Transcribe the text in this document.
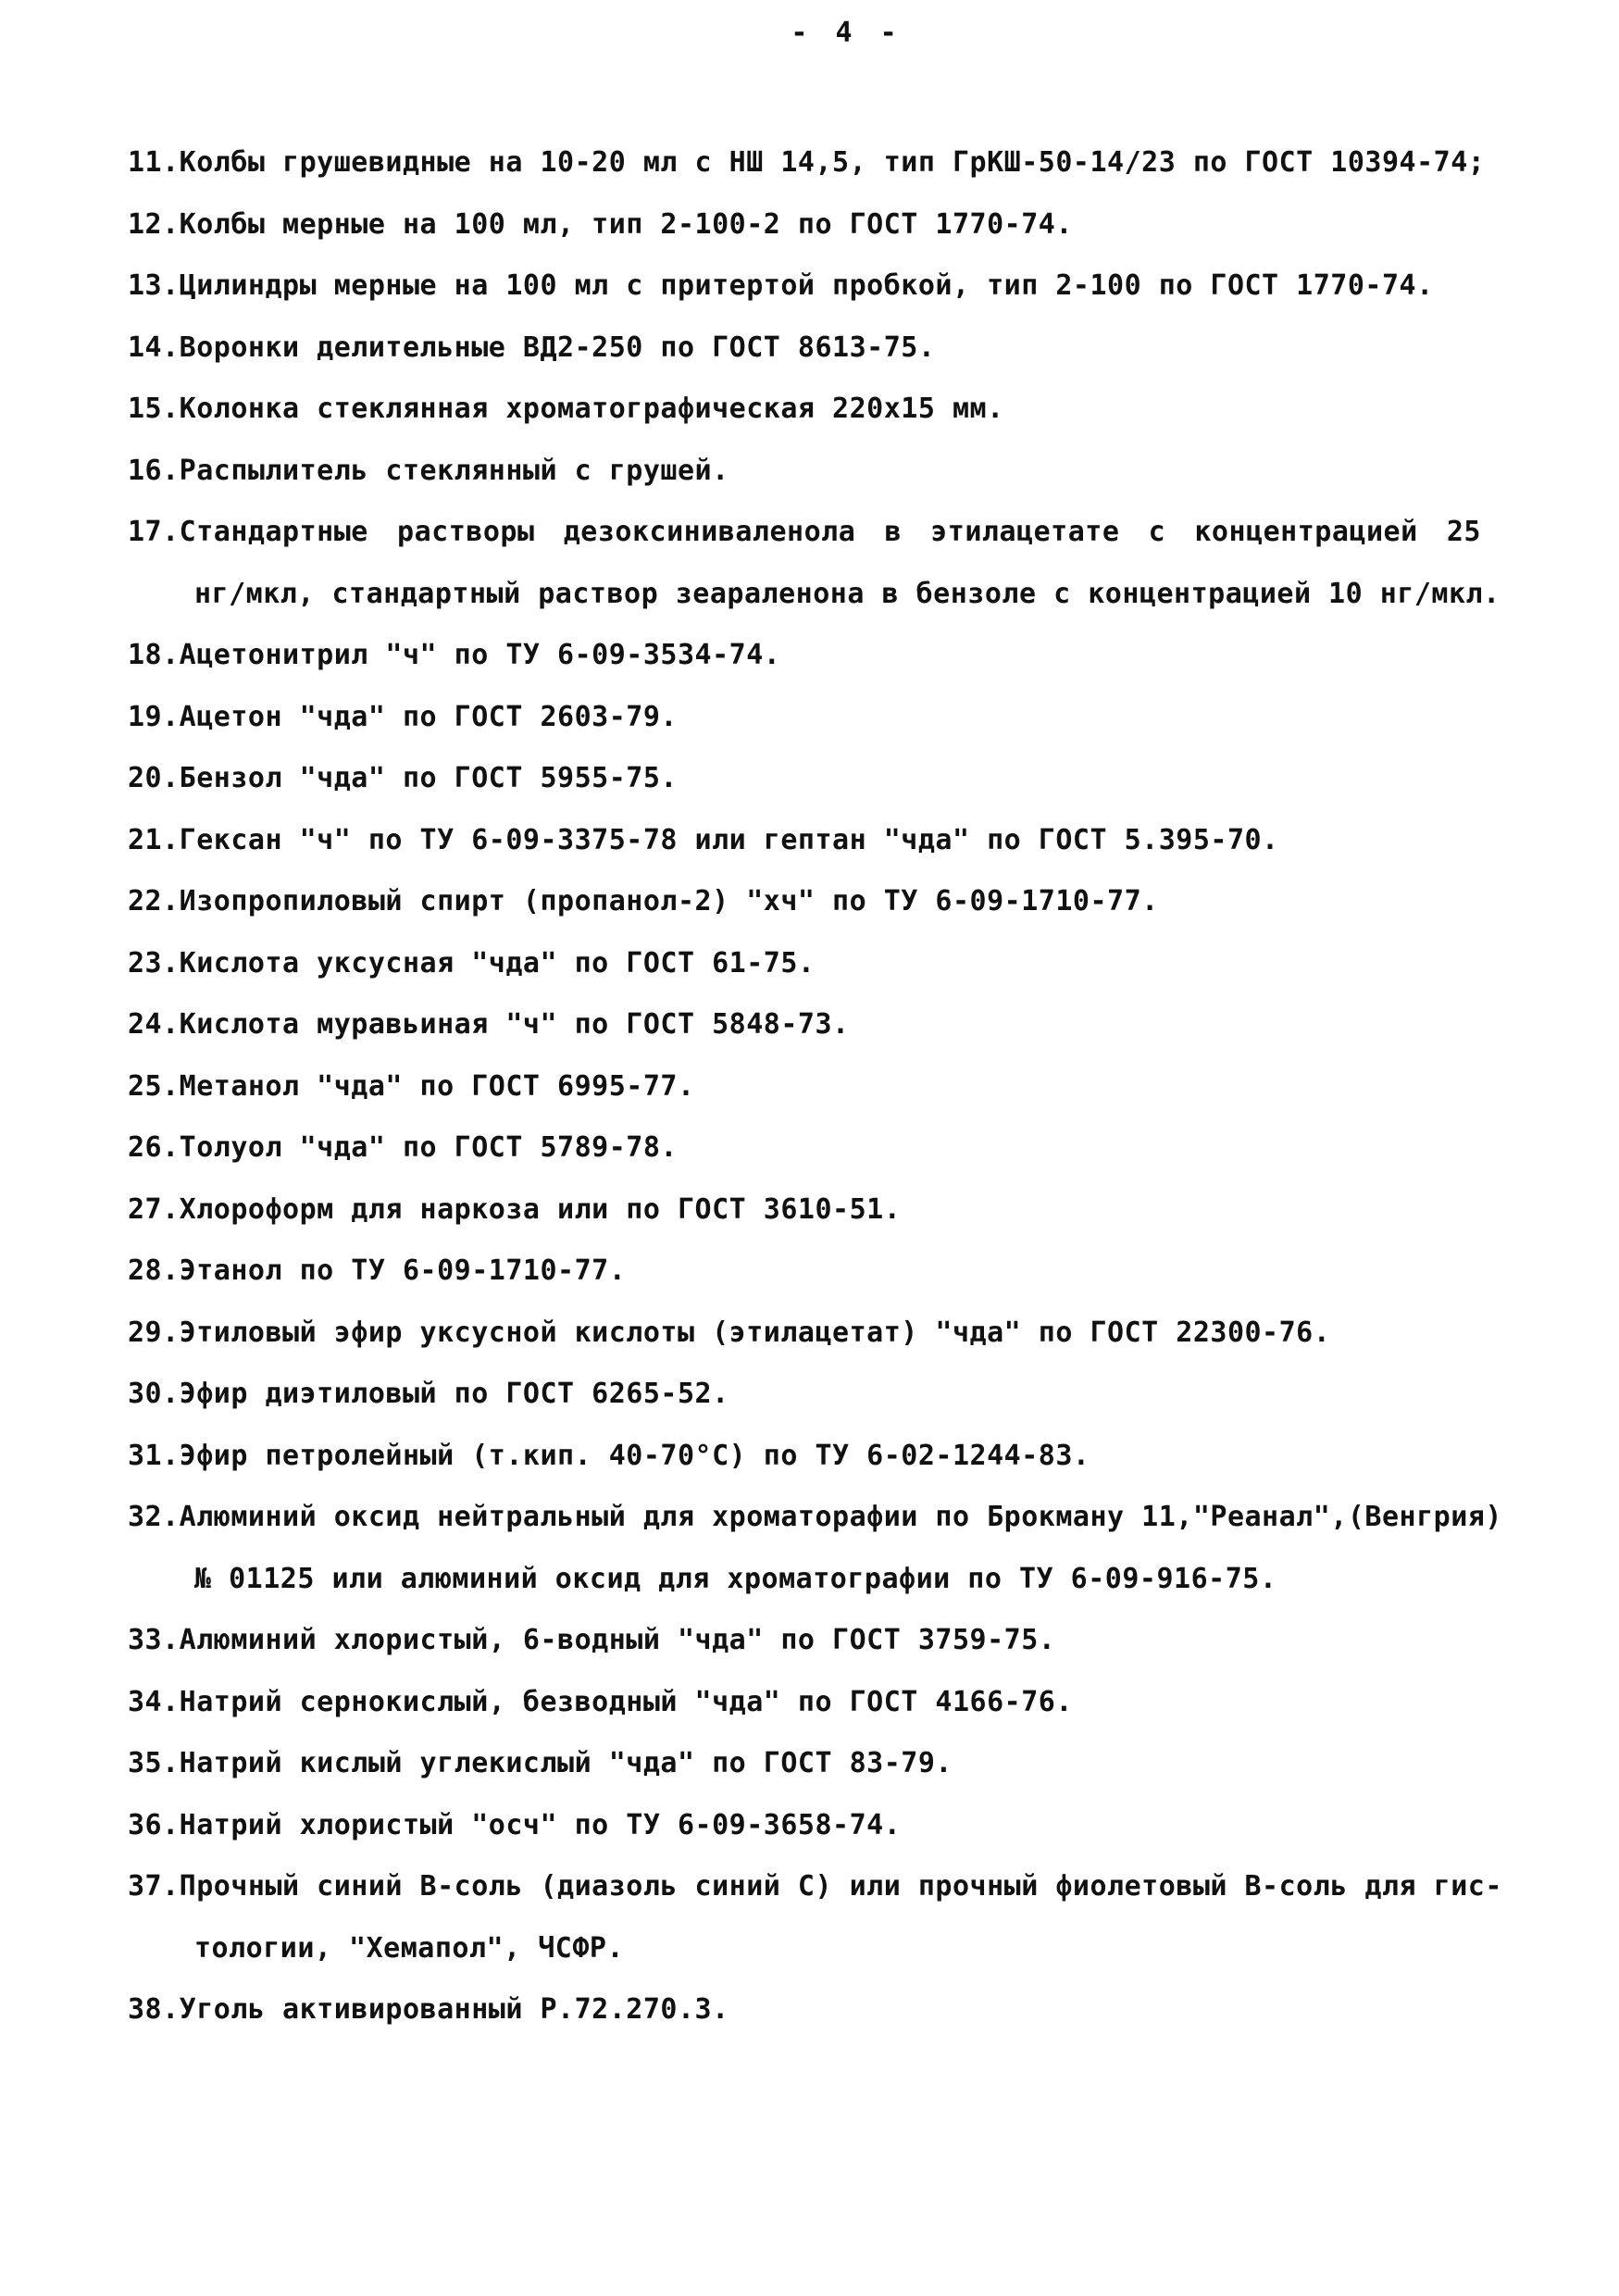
- 4 -
11.Колбы грушевидные на 10-20 мл с НШ 14,5, тип ГрКШ-50-14/23 по ГОСТ 10394-74;
12.Колбы мерные на 100 мл, тип 2-100-2 по ГОСТ 1770-74.
13.Цилиндры мерные на 100 мл с притертой пробкой, тип 2-100 по ГОСТ 1770-74.
14.Воронки делительные ВД2-250 по ГОСТ 8613-75.
15.Колонка стеклянная хроматографическая 220х15 мм.
16.Распылитель стеклянный с грушей.
17.Стандартные растворы дезоксиниваленола в этилацетате с концентрацией 25
нг/мкл, стандартный раствор зеараленона в бензоле с концентрацией 10 нг/мкл.
18.Ацетонитрил "ч" по ТУ 6-09-3534-74.
19.Ацетон "чда" по ГОСТ 2603-79.
20.Бензол "чда" по ГОСТ 5955-75.
21.Гексан "ч" по ТУ 6-09-3375-78 или гептан "чда" по ГОСТ 5.395-70.
22.Изопропиловый спирт (пропанол-2) "хч" по ТУ 6-09-1710-77.
23.Кислота уксусная "чда" по ГОСТ 61-75.
24.Кислота муравьиная "ч" по ГОСТ 5848-73.
25.Метанол "чда" по ГОСТ 6995-77.
26.Толуол "чда" по ГОСТ 5789-78.
27.Хлороформ для наркоза или по ГОСТ 3610-51.
28.Этанол по ТУ 6-09-1710-77.
29.Этиловый эфир уксусной кислоты (этилацетат) "чда" по ГОСТ 22300-76.
30.Эфир диэтиловый по ГОСТ 6265-52.
31.Эфир петролейный (т.кип. 40-70°С) по ТУ 6-02-1244-83.
32.Алюминий оксид нейтральный для хроматорафии по Брокману 11,"Реанал",(Венгрия)
№ 01125 или алюминий оксид для хроматографии по ТУ 6-09-916-75.
33.Алюминий хлористый, 6-водный "чда" по ГОСТ 3759-75.
34.Натрий сернокислый, безводный "чда" по ГОСТ 4166-76.
35.Натрий кислый углекислый "чда" по ГОСТ 83-79.
36.Натрий хлористый "осч" по ТУ 6-09-3658-74.
37.Прочный синий В-соль (диазоль синий С) или прочный фиолетовый В-соль для гис-
тологии, "Хемапол", ЧСФР.
38.Уголь активированный Р.72.270.3.
